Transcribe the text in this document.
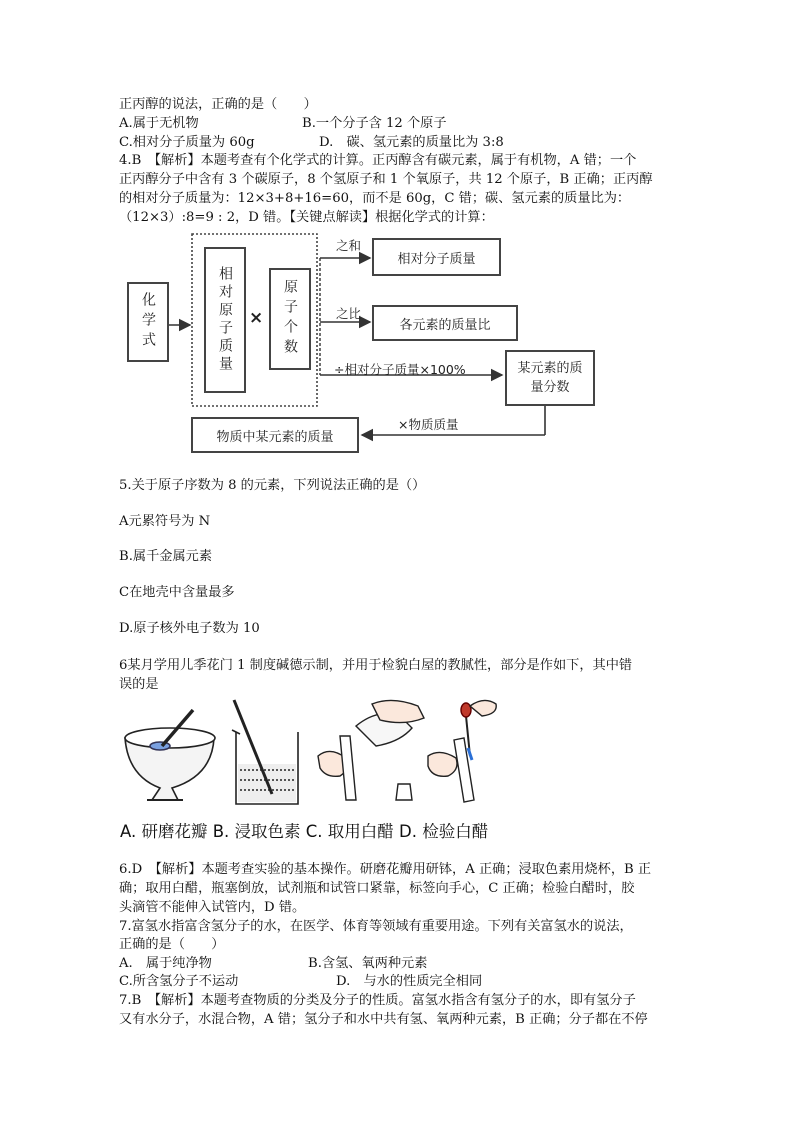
正丙醇的说法，正确的是（　　）
A.属于无机物	B.一个分子含 12 个原子
C.相对分子质量为 60g	D.　碳、氢元素的质量比为 3:8
4.B　【解析】本题考查有个化学式的计算。正丙醇含有碳元素，属于有机物，A 错；一个
正丙醇分子中含有 3 个碳原子，8 个氢原子和 1 个氧原子，共 12 个原子，B 正确；正丙醇
的相对分子质量为：12×3+8+16=60，而不是 60g，C 错；碳、氢元素的质量比为：
（12×3）:8=9 : 2，D 错。【关键点解读】根据化学式的计算：
化学式	相对原子质量 ×	原子个数
之和
相对分子质量
之比
各元素的质量比
÷相对分子质量×100%	某元素的质量分数
×物质质量
物质中某元素的质量
5.关于原子序数为 8 的元素，下列说法正确的是（）
A元累符号为 N
B.属千金属元素
C在地壳中含量最多
D.原子核外电子数为 10
6某月学用儿季花门 1 制度碱德示制，并用于检貌白屋的教腻性，部分是作如下，其中错
误的是
A. 研磨花瓣 B. 浸取色素 C. 取用白醋 D. 检验白醋
6.D　【解析】本题考查实验的基本操作。研磨花瓣用研钵，A 正确；浸取色素用烧杯，B 正
确；取用白醋，瓶塞倒放，试剂瓶和试管口紧靠，标签向手心，C 正确；检验白醋时，胶
头滴管不能伸入试管内，D 错。
7.富氢水指富含氢分子的水，在医学、体育等领域有重要用途。下列有关富氢水的说法，
正确的是（　　）
A.　属于纯净物	B.含氢、氧两种元素
C.所含氢分子不运动	D.　与水的性质完全相同
7.B　【解析】本题考查物质的分类及分子的性质。富氢水指含有氢分子的水，即有氢分子
又有水分子，水混合物，A 错；氢分子和水中共有氢、氧两种元素，B 正确；分子都在不停
